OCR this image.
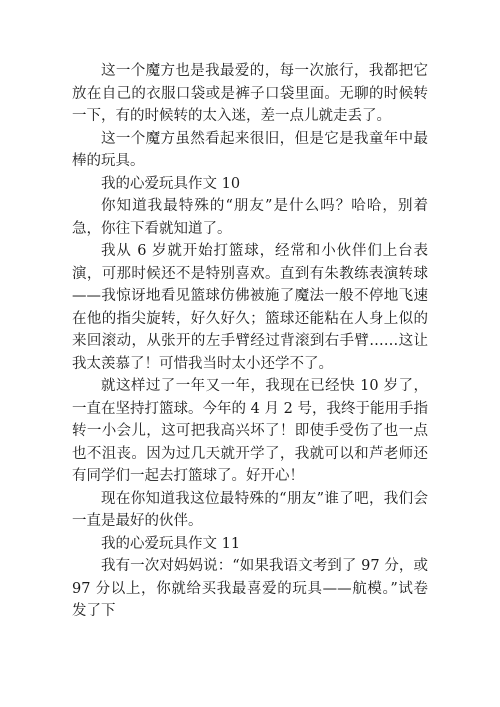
这一个魔方也是我最爱的，每一次旅行，我都把它放在自己的衣服口袋或是裤子口袋里面。无聊的时候转一下，有的时候转的太入迷，差一点儿就走丢了。

这一个魔方虽然看起来很旧，但是它是我童年中最棒的玩具。

我的心爱玩具作文 10

你知道我最特殊的“朋友”是什么吗？哈哈，别着急，你往下看就知道了。

我从 6 岁就开始打篮球，经常和小伙伴们上台表演，可那时候还不是特别喜欢。直到有朱教练表演转球——我惊讶地看见篮球仿佛被施了魔法一般不停地飞速在他的指尖旋转，好久好久；篮球还能粘在人身上似的来回滚动，从张开的左手臂经过背滚到右手臂……这让我太羡慕了！可惜我当时太小还学不了。

就这样过了一年又一年，我现在已经快 10 岁了，一直在坚持打篮球。今年的 4 月 2 号，我终于能用手指转一小会儿，这可把我高兴坏了！即使手受伤了也一点也不沮丧。因为过几天就开学了，我就可以和芦老师还有同学们一起去打篮球了。好开心！

现在你知道我这位最特殊的“朋友”谁了吧，我们会一直是最好的伙伴。

我的心爱玩具作文 11

我有一次对妈妈说：“如果我语文考到了 97 分，或 97 分以上，你就给买我最喜爱的玩具——航模。”试卷发了下
